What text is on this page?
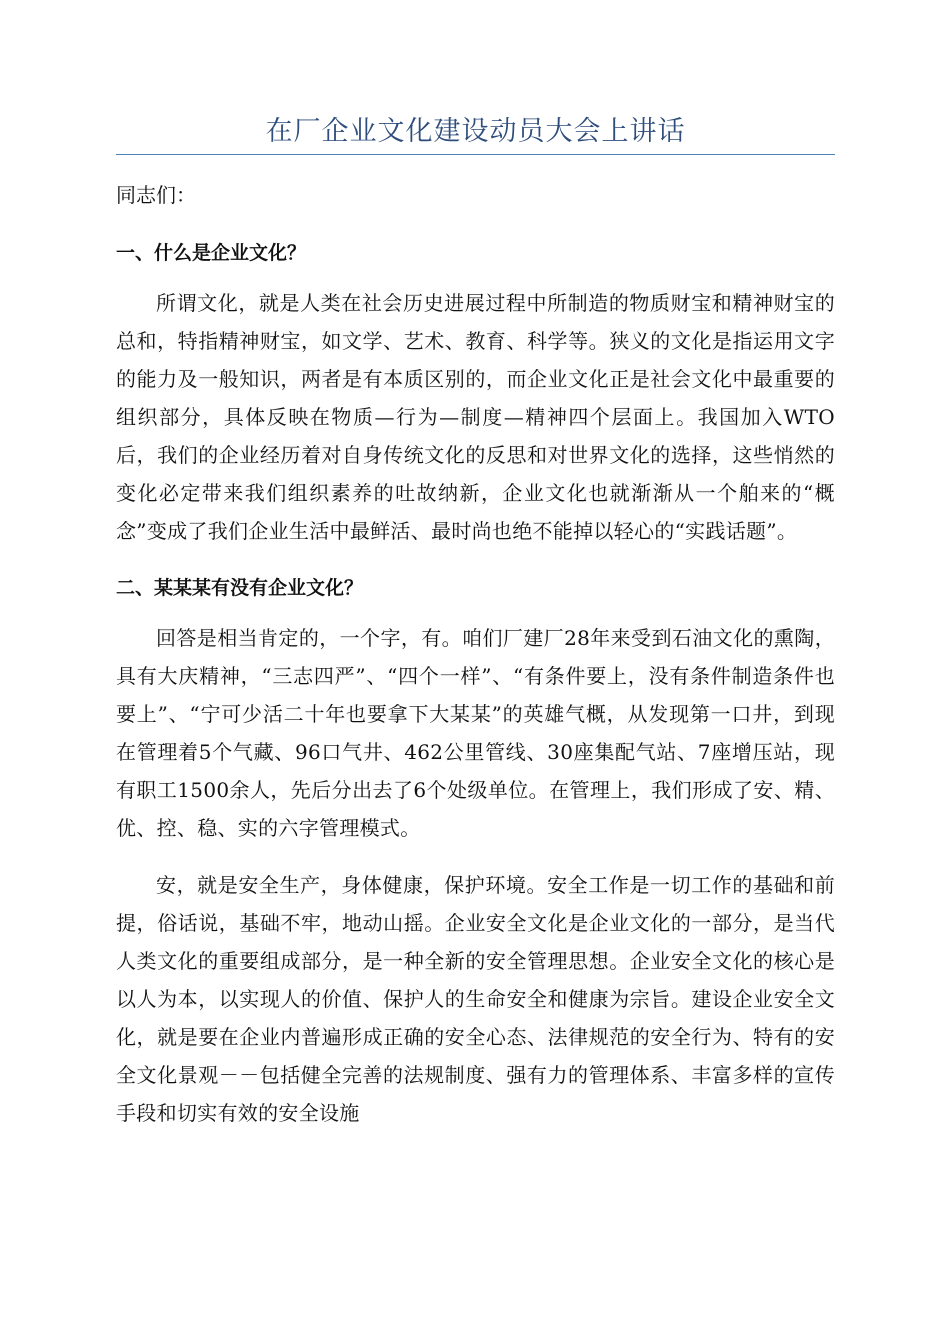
在厂企业文化建设动员大会上讲话

同志们：

一、什么是企业文化？

所谓文化，就是人类在社会历史进展过程中所制造的物质财宝和精神财宝的总和，特指精神财宝，如文学、艺术、教育、科学等。狭义的文化是指运用文字的能力及一般知识，两者是有本质区别的，而企业文化正是社会文化中最重要的组织部分，具体反映在物质—行为—制度—精神四个层面上。我国加入WTO后，我们的企业经历着对自身传统文化的反思和对世界文化的选择，这些悄然的变化必定带来我们组织素养的吐故纳新，企业文化也就渐渐从一个舶来的“概念”变成了我们企业生活中最鲜活、最时尚也绝不能掉以轻心的“实践话题”。

二、某某某有没有企业文化？

回答是相当肯定的，一个字，有。咱们厂建厂28年来受到石油文化的熏陶，具有大庆精神，“三志四严”、“四个一样”、“有条件要上，没有条件制造条件也要上”、“宁可少活二十年也要拿下大某某”的英雄气概，从发现第一口井，到现在管理着5个气藏、96口气井、462公里管线、30座集配气站、7座增压站，现有职工1500余人，先后分出去了6个处级单位。在管理上，我们形成了安、精、优、控、稳、实的六字管理模式。

安，就是安全生产，身体健康，保护环境。安全工作是一切工作的基础和前提，俗话说，基础不牢，地动山摇。企业安全文化是企业文化的一部分，是当代人类文化的重要组成部分，是一种全新的安全管理思想。企业安全文化的核心是以人为本，以实现人的价值、保护人的生命安全和健康为宗旨。建设企业安全文化，就是要在企业内普遍形成正确的安全心态、法律规范的安全行为、特有的安全文化景观－－包括健全完善的法规制度、强有力的管理体系、丰富多样的宣传手段和切实有效的安全设施
